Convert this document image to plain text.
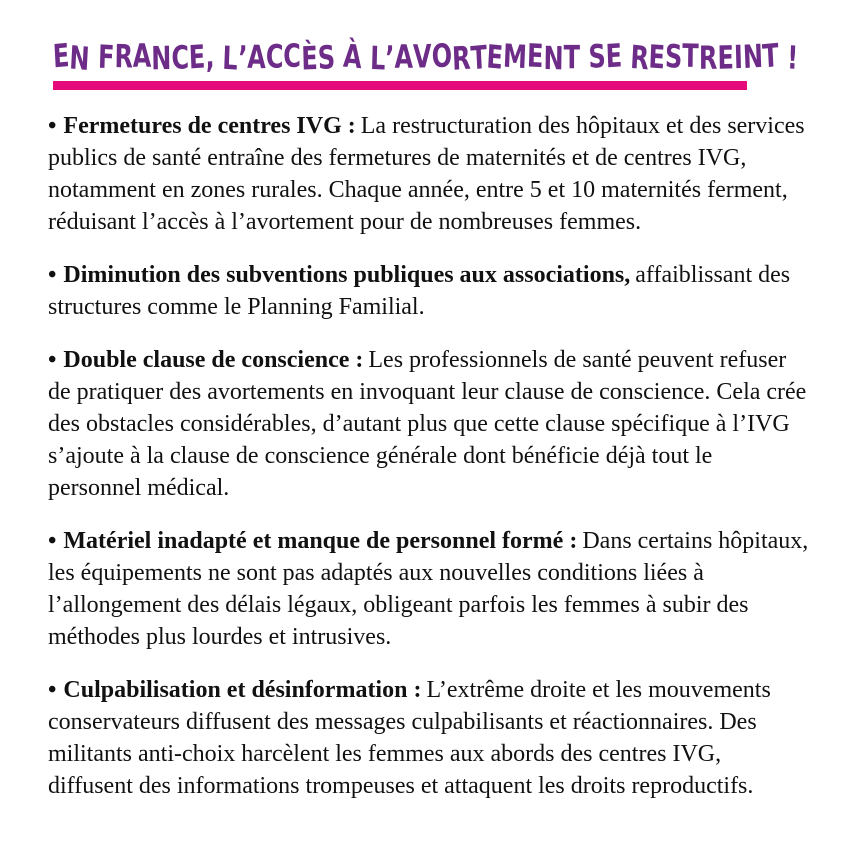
EN FRANCE, L’ACCÈS À L’AVORTEMENT SE RESTREINT !

• Fermetures de centres IVG : La restructuration des hôpitaux et des services publics de santé entraîne des fermetures de maternités et de centres IVG, notamment en zones rurales. Chaque année, entre 5 et 10 maternités ferment, réduisant l’accès à l’avortement pour de nombreuses femmes.

• Diminution des subventions publiques aux associations, affaiblissant des structures comme le Planning Familial.

• Double clause de conscience : Les professionnels de santé peuvent refuser de pratiquer des avortements en invoquant leur clause de conscience. Cela crée des obstacles considérables, d’autant plus que cette clause spécifique à l’IVG s’ajoute à la clause de conscience générale dont bénéficie déjà tout le personnel médical.

• Matériel inadapté et manque de personnel formé : Dans certains hôpitaux, les équipements ne sont pas adaptés aux nouvelles conditions liées à l’allongement des délais légaux, obligeant parfois les femmes à subir des méthodes plus lourdes et intrusives.

• Culpabilisation et désinformation : L’extrême droite et les mouvements conservateurs diffusent des messages culpabilisants et réactionnaires. Des militants anti-choix harcèlent les femmes aux abords des centres IVG, diffusent des informations trompeuses et attaquent les droits reproductifs.
